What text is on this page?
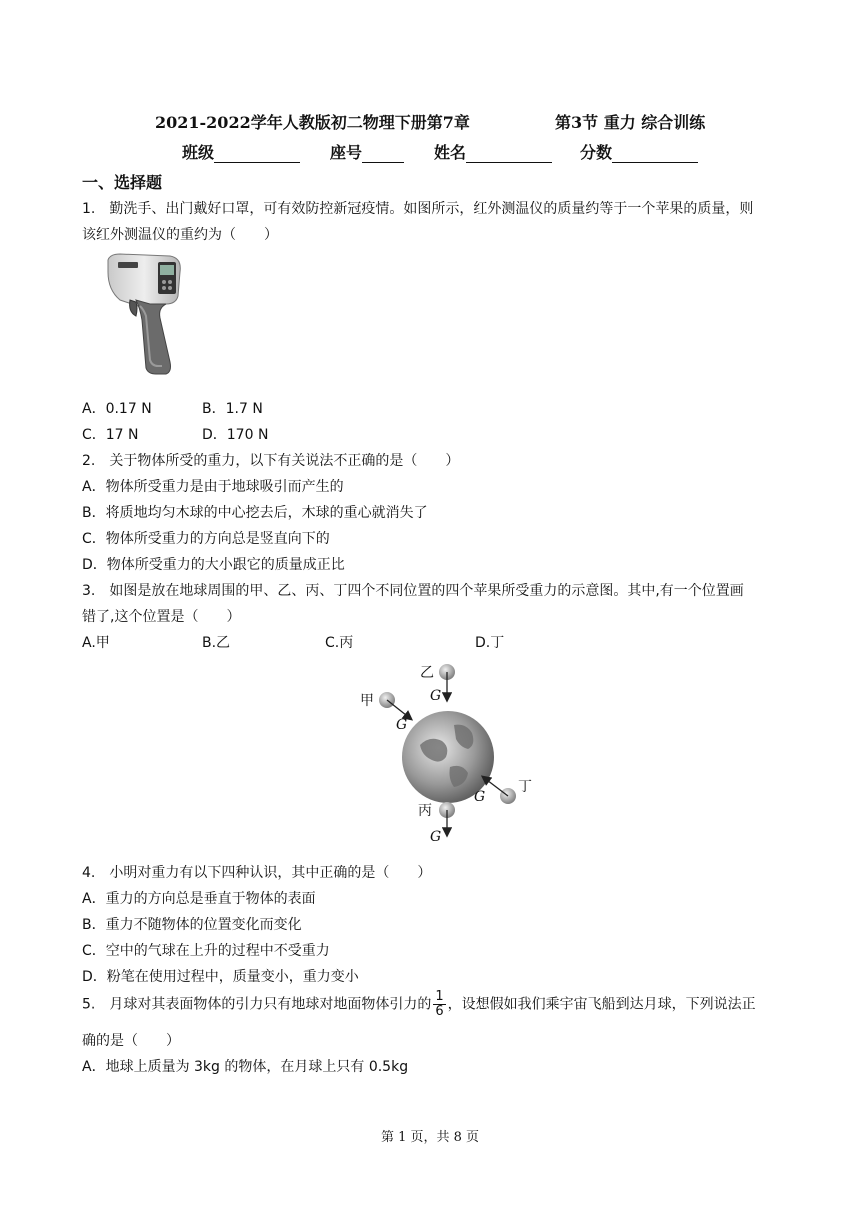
2021-2022学年人教版初二物理下册第7章	第3节 重力 综合训练
班级	座号	姓名	分数
一、选择题
1.　勤洗手、出门戴好口罩，可有效防控新冠疫情。如图所示，红外测温仪的质量约等于一个苹果的质量，则
该红外测温仪的重约为（　　）
A．0.17 N	B．1.7 N
C．17 N	D．170 N
2.　关于物体所受的重力，以下有关说法不正确的是（　　）
A．物体所受重力是由于地球吸引而产生的
B．将质地均匀木球的中心挖去后，木球的重心就消失了
C．物体所受重力的方向总是竖直向下的
D．物体所受重力的大小跟它的质量成正比
3.　如图是放在地球周围的甲、乙、丙、丁四个不同位置的四个苹果所受重力的示意图。其中,有一个位置画
错了,这个位置是（　　）
A.甲	B.乙	C.丙	D.丁
甲
G
乙
G
丙
G
丁
G
4.　小明对重力有以下四种认识，其中正确的是（　　）
A．重力的方向总是垂直于物体的表面
B．重力不随物体的位置变化而变化
C．空中的气球在上升的过程中不受重力
D．粉笔在使用过程中，质量变小，重力变小
5.　月球对其表面物体的引力只有地球对地面物体引力的 $\frac{1}{6}$ ，设想假如我们乘宇宙飞船到达月球，下列说法正
确的是（　　）
A．地球上质量为 3kg 的物体，在月球上只有 0.5kg
第 1 页，共 8 页
